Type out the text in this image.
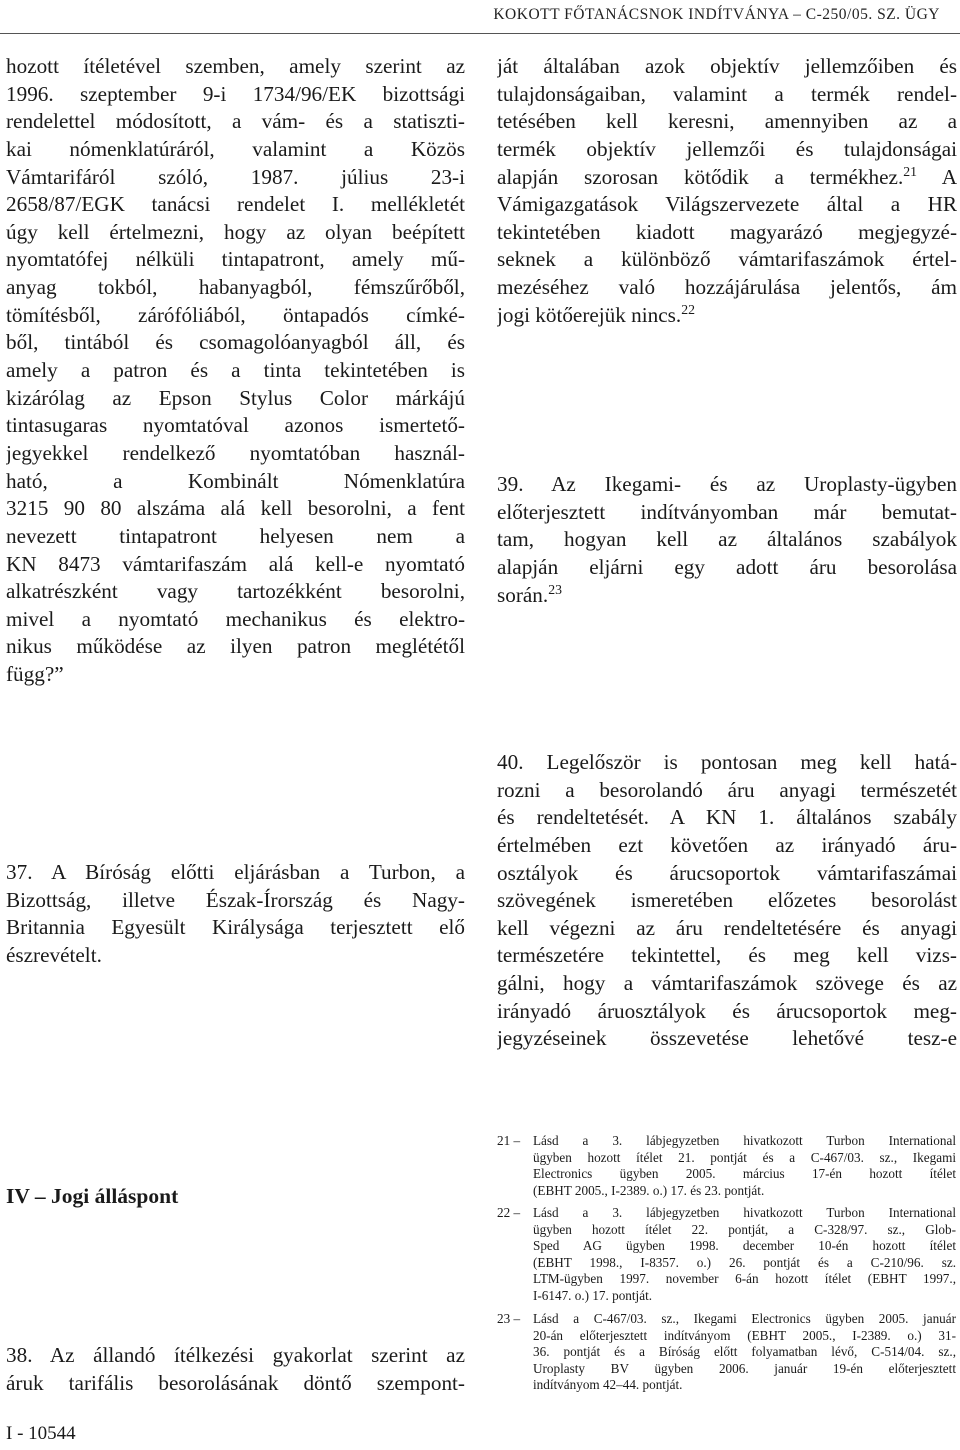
KOKOTT FŐTANÁCSNOK INDÍTVÁNYA – C-250/05. SZ. ÜGY
hozott ítéletével szemben, amely szerint az
1996. szeptember 9-i 1734/96/EK bizottsági
rendelettel módosított, a vám- és a statiszti-
kai nómenklatúráról, valamint a Közös
Vámtarifáról szóló, 1987. július 23-i
2658/87/EGK tanácsi rendelet I. mellékletét
úgy kell értelmezni, hogy az olyan beépített
nyomtatófej nélküli tintapatront, amely mű-
anyag tokból, habanyagból, fémszűrőből,
tömítésből, zárófóliából, öntapadós címké-
ből, tintából és csomagolóanyagból áll, és
amely a patron és a tinta tekintetében is
kizárólag az Epson Stylus Color márkájú
tintasugaras nyomtatóval azonos ismertető-
jegyekkel rendelkező nyomtatóban használ-
ható, a Kombinált Nómenklatúra
3215 90 80 alszáma alá kell besorolni, a fent
nevezett tintapatront helyesen nem a
KN 8473 vámtarifaszám alá kell-e nyomtató
alkatrészként vagy tartozékként besorolni,
mivel a nyomtató mechanikus és elektro-
nikus működése az ilyen patron meglététől
függ?”
37. A Bíróság előtti eljárásban a Turbon, a
Bizottság, illetve Észak-Írország és Nagy-
Britannia Egyesült Királysága terjesztett elő
észrevételt.
IV – Jogi álláspont
38. Az állandó ítélkezési gyakorlat szerint az
áruk tarifális besorolásának döntő szempont-
ját általában azok objektív jellemzőiben és
tulajdonságaiban, valamint a termék rendel-
tetésében kell keresni, amennyiben az a
termék objektív jellemzői és tulajdonságai
alapján szorosan kötődik a termékhez.$^{21}$ A
Vámigazgatások Világszervezete által a HR
tekintetében kiadott magyarázó megjegyzé-
seknek a különböző vámtarifaszámok értel-
mezéséhez való hozzájárulása jelentős, ám
jogi kötőerejük nincs.$^{22}$
39. Az Ikegami- és az Uroplasty-ügyben
előterjesztett indítványomban már bemutat-
tam, hogyan kell az általános szabályok
alapján eljárni egy adott áru besorolása
során.$^{23}$
40. Legelőször is pontosan meg kell hatá-
rozni a besorolandó áru anyagi természetét
és rendeltetését. A KN 1. általános szabály
értelmében ezt követően az irányadó áru-
osztályok és árucsoportok vámtarifaszámai
szövegének ismeretében előzetes besorolást
kell végezni az áru rendeltetésére és anyagi
természetére tekintettel, és meg kell vizs-
gálni, hogy a vámtarifaszámok szövege és az
irányadó áruosztályok és árucsoportok meg-
jegyzéseinek összevetése lehetővé tesz-e
21 – Lásd a 3. lábjegyzetben hivatkozott Turbon International
ügyben hozott ítélet 21. pontját és a C-467/03. sz., Ikegami
Electronics ügyben 2005. március 17-én hozott ítélet
(EBHT 2005., I-2389. o.) 17. és 23. pontját.
22 – Lásd a 3. lábjegyzetben hivatkozott Turbon International
ügyben hozott ítélet 22. pontját, a C-328/97. sz., Glob-
Sped AG ügyben 1998. december 10-én hozott ítélet
(EBHT 1998., I-8357. o.) 26. pontját és a C-210/96. sz.
LTM-ügyben 1997. november 6-án hozott ítélet (EBHT 1997.,
I-6147. o.) 17. pontját.
23 – Lásd a C-467/03. sz., Ikegami Electronics ügyben 2005. január
20-án előterjesztett indítványom (EBHT 2005., I-2389. o.) 31-
36. pontját és a Bíróság előtt folyamatban lévő, C-514/04. sz.,
Uroplasty BV ügyben 2006. január 19-én előterjesztett
indítványom 42–44. pontját.
I - 10544
